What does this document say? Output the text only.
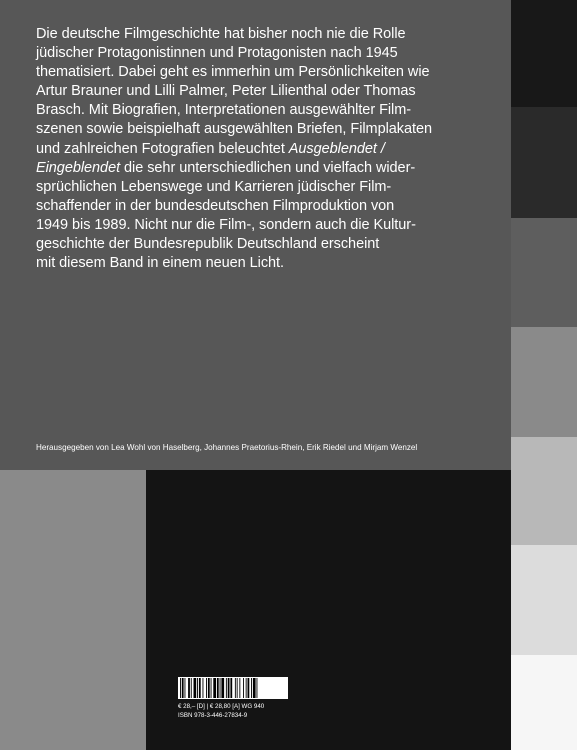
Die deutsche Filmgeschichte hat bisher noch nie die Rolle
jüdischer Protagonistinnen und Protagonisten nach 1945
thematisiert. Dabei geht es immerhin um Persönlichkeiten wie
Artur Brauner und Lilli Palmer, Peter Lilienthal oder Thomas
Brasch. Mit Biografien, Interpretationen ausgewählter Film-
szenen sowie beispielhaft ausgewählten Briefen, Filmplakaten
und zahlreichen Fotografien beleuchtet Ausgeblendet /
Eingeblendet die sehr unterschiedlichen und vielfach wider-
sprüchlichen Lebenswege und Karrieren jüdischer Film-
schaffender in der bundesdeutschen Filmproduktion von
1949 bis 1989. Nicht nur die Film-, sondern auch die Kultur-
geschichte der Bundesrepublik Deutschland erscheint
mit diesem Band in einem neuen Licht.

Herausgegeben von Lea Wohl von Haselberg, Johannes Praetorius-Rhein, Erik Riedel und Mirjam Wenzel

€ 28,– [D] | € 28,80 [A] WG 940

ISBN 978-3-446-27834-9
